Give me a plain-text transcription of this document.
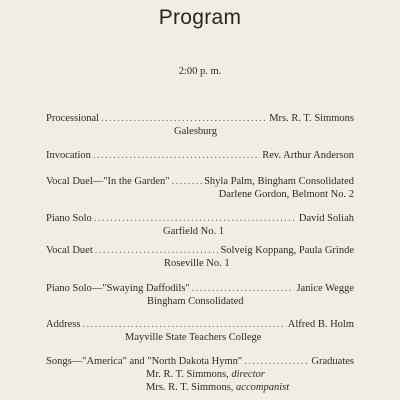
Program
2:00 p. m.
Processional . . .	Mrs. R. T. Simmons
Galesburg
Invocation . . .	Rev. Arthur Anderson
Vocal Duel—"In the Garden" . . .	Shyla Palm, Bingham Consolidated
Darlene Gordon, Belmont No. 2
Piano Solo . . .	David Soliah
Garfield No. 1
Vocal Duet . . .	Solveig Koppang, Paula Grinde
Roseville No. 1
Piano Solo—"Swaying Daffodils" . . .	Janice Wegge
Bingham Consolidated
Address . . .	Alfred B. Holm
Mayville State Teachers College
Songs—"America" and "North Dakota Hymn" . . .	Graduates
Mr. R. T. Simmons, director
Mrs. R. T. Simmons, accompanist
